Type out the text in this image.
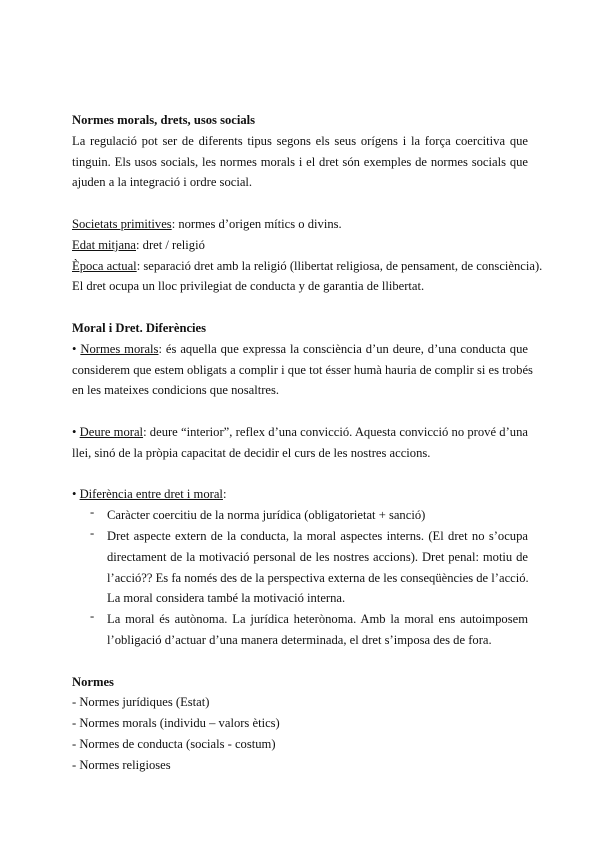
Normes morals, drets, usos socials
La regulació pot ser de diferents tipus segons els seus orígens i la força coercitiva que
tinguin. Els usos socials, les normes morals i el dret són exemples de normes socials que
ajuden a la integració i ordre social.
Societats primitives: normes d’origen mítics o divins.
Edat mitjana: dret / religió
Època actual: separació dret amb la religió (llibertat religiosa, de pensament, de consciència).
El dret ocupa un lloc privilegiat de conducta y de garantia de llibertat.
Moral i Dret. Diferències
• Normes morals: és aquella que expressa la consciència d’un deure, d’una conducta que
considerem que estem obligats a complir i que tot ésser humà hauria de complir si es trobés
en les mateixes condicions que nosaltres.
• Deure moral: deure “interior”, reflex d’una convicció. Aquesta convicció no prové d’una
llei, sinó de la pròpia capacitat de decidir el curs de les nostres accions.
• Diferència entre dret i moral:
- Caràcter coercitiu de la norma jurídica (obligatorietat + sanció)
- Dret aspecte extern de la conducta, la moral aspectes interns. (El dret no s’ocupa
directament de la motivació personal de les nostres accions). Dret penal: motiu de
l’acció?? Es fa només des de la perspectiva externa de les conseqüències de l’acció.
La moral considera també la motivació interna.
- La moral és autònoma. La jurídica heterònoma. Amb la moral ens autoimposem
l’obligació d’actuar d’una manera determinada, el dret s’imposa des de fora.
Normes
- Normes jurídiques (Estat)
- Normes morals (individu – valors ètics)
- Normes de conducta (socials - costum)
- Normes religioses
